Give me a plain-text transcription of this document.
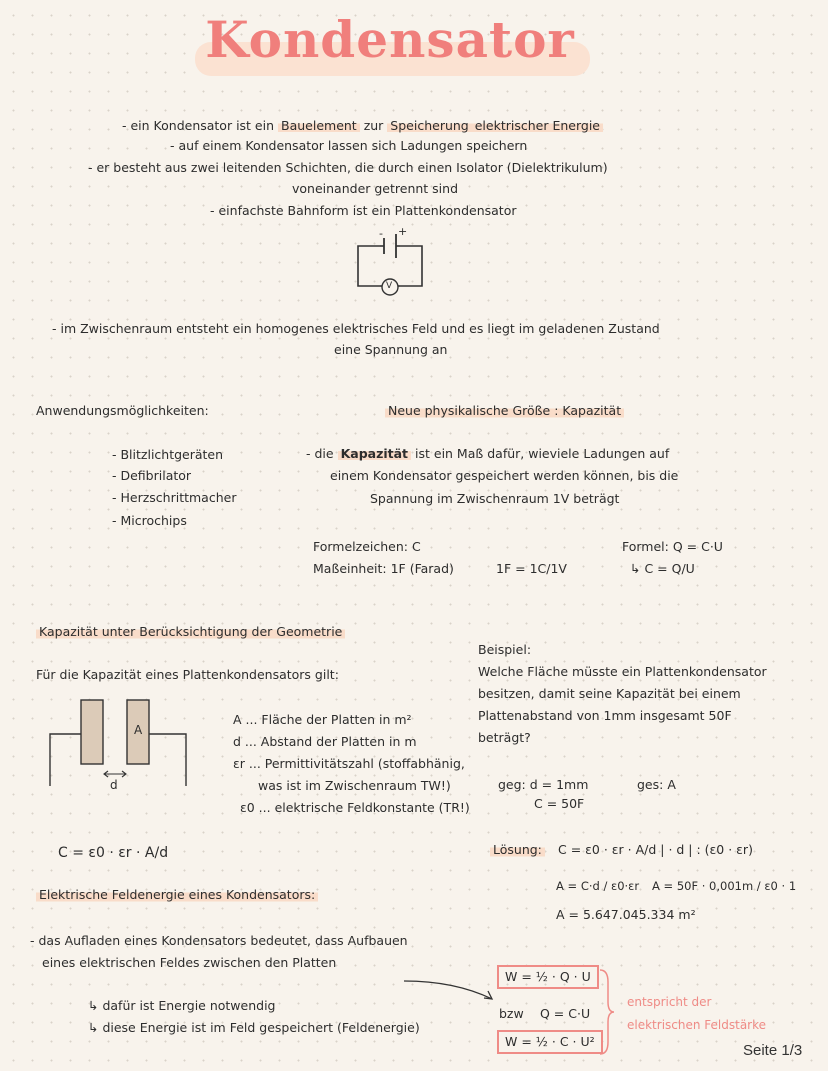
Kondensator
- ein Kondensator ist ein Bauelement zur Speicherung elektrischer Energie
- auf einem Kondensator lassen sich Ladungen speichern
- er besteht aus zwei leitenden Schichten, die durch einen Isolator (Dielektrikulum)
voneinander getrennt sind
- einfachste Bahnform ist ein Plattenkondensator
- +
V
- im Zwischenraum entsteht ein homogenes elektrisches Feld und es liegt im geladenen Zustand
eine Spannung an
Anwendungsmöglichkeiten:
- Blitzlichtgeräten
- Defibrilator
- Herzschrittmacher
- Microchips
Neue physikalische Größe : Kapazität
- die Kapazität ist ein Maß dafür, wieviele Ladungen auf
einem Kondensator gespeichert werden können, bis die
Spannung im Zwischenraum 1V beträgt
Formelzeichen: C
Maßeinheit: 1F (Farad)	1F = 1C/1V
Formel: Q = C·U
↳ C = Q/U
Kapazität unter Berücksichtigung der Geometrie
Für die Kapazität eines Plattenkondensators gilt:
A
d
A ... Fläche der Platten in m²
d ... Abstand der Platten in m
εr ... Permittivitätszahl (stoffabhänig,
was ist im Zwischenraum TW!)
ε0 ... elektrische Feldkonstante (TR!)
C = ε0 · εr · A/d
Beispiel:
Welche Fläche müsste ein Plattenkondensator
besitzen, damit seine Kapazität bei einem
Plattenabstand von 1mm insgesamt 50F
beträgt?
geg: d = 1mm
C = 50F
ges: A
Lösung: C = ε0 · εr · A/d | · d | : (ε0 · εr)
A = C·d / ε0·εr A = 50F · 0,001m / ε0 · 1
A = 5.647.045.334 m²
Elektrische Feldenergie eines Kondensators:
- das Aufladen eines Kondensators bedeutet, dass Aufbauen
eines elektrischen Feldes zwischen den Platten
↳ dafür ist Energie notwendig
↳ diese Energie ist im Feld gespeichert (Feldenergie)
W = ½ · Q · U
bzw Q = C·U
W = ½ · C · U²
entspricht der
elektrischen Feldstärke
Seite 1/3
